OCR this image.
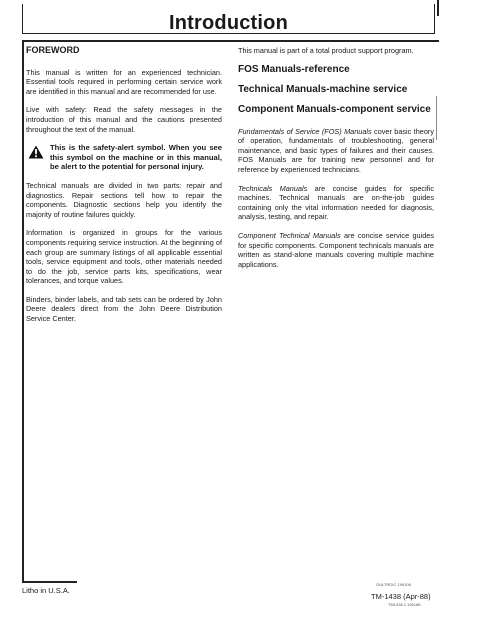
Introduction
FOREWORD

This manual is written for an experienced technician. Essential tools required in performing certain service work are identified in this manual and are recommended for use.

Live with safety: Read the safety messages in the introduction of this manual and the cautions presented throughout the text of the manual.

This is the safety-alert symbol. When you see this symbol on the machine or in this manual, be alert to the potential for personal injury.

Technical manuals are divided in two parts: repair and diagnostics. Repair sections tell how to repair the components. Diagnostic sections help you identify the majority of routine failures quickly.

Information is organized in groups for the various components requiring service instruction. At the beginning of each group are summary listings of all applicable essential tools, service equipment and tools, other materials needed to do the job, service parts kits, specifications, wear tolerances, and torque values.

Binders, binder labels, and tab sets can be ordered by John Deere dealers direct from the John Deere Distribution Service Center.

This manual is part of a total product support program.

FOS Manuals-reference
Technical Manuals-machine service
Component Manuals-component service

Fundamentals of Service (FOS) Manuals cover basic theory of operation, fundamentals of troubleshooting, general maintenance, and basic types of failures and their causes. FOS Manuals are for training new personnel and for reference by experienced technicians.

Technicals Manuals are concise guides for specific machines. Technical manuals are on-the-job guides containing only the vital information needed for diagnosis, analysis, testing, and repair.

Component Technical Manuals are concise service guides for specific components. Component technicals manuals are written as stand-alone manuals covering multiple machine applications.

Litho in U.S.A.
OULTROIC 199108
TM-1438 (Apr-88)
TM1438 2 190188
